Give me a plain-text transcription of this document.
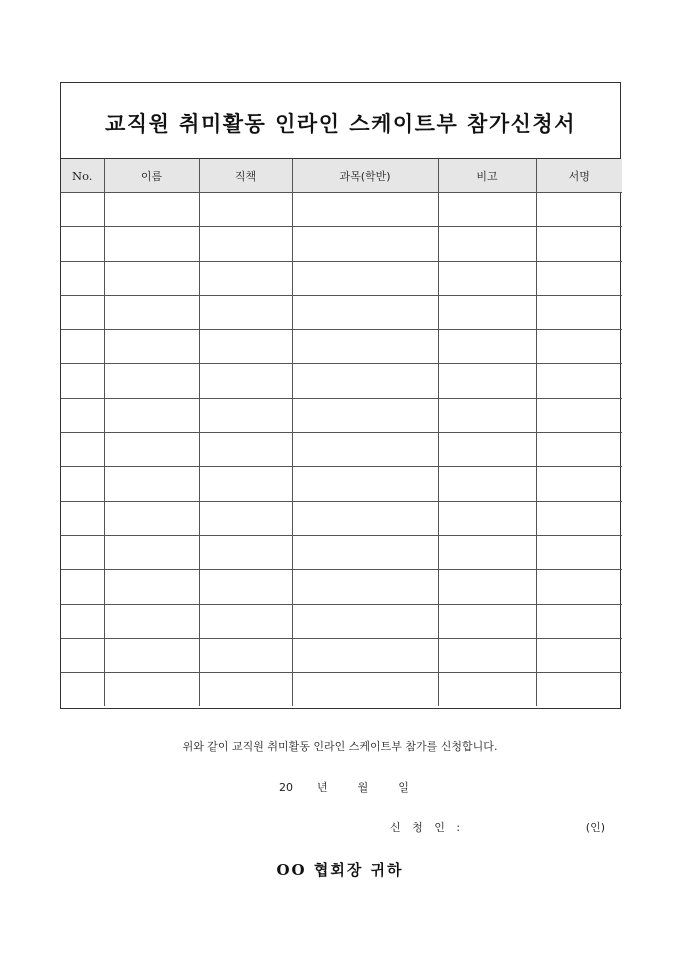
교직원 취미활동 인라인 스케이트부 참가신청서
No.	이름	직책	과목(학반)	비고	서명

위와 같이 교직원 취미활동 인라인 스케이트부 참가를 신청합니다.
20 년	월	일
신 청 인 :	(인)
OO 협회장 귀하
